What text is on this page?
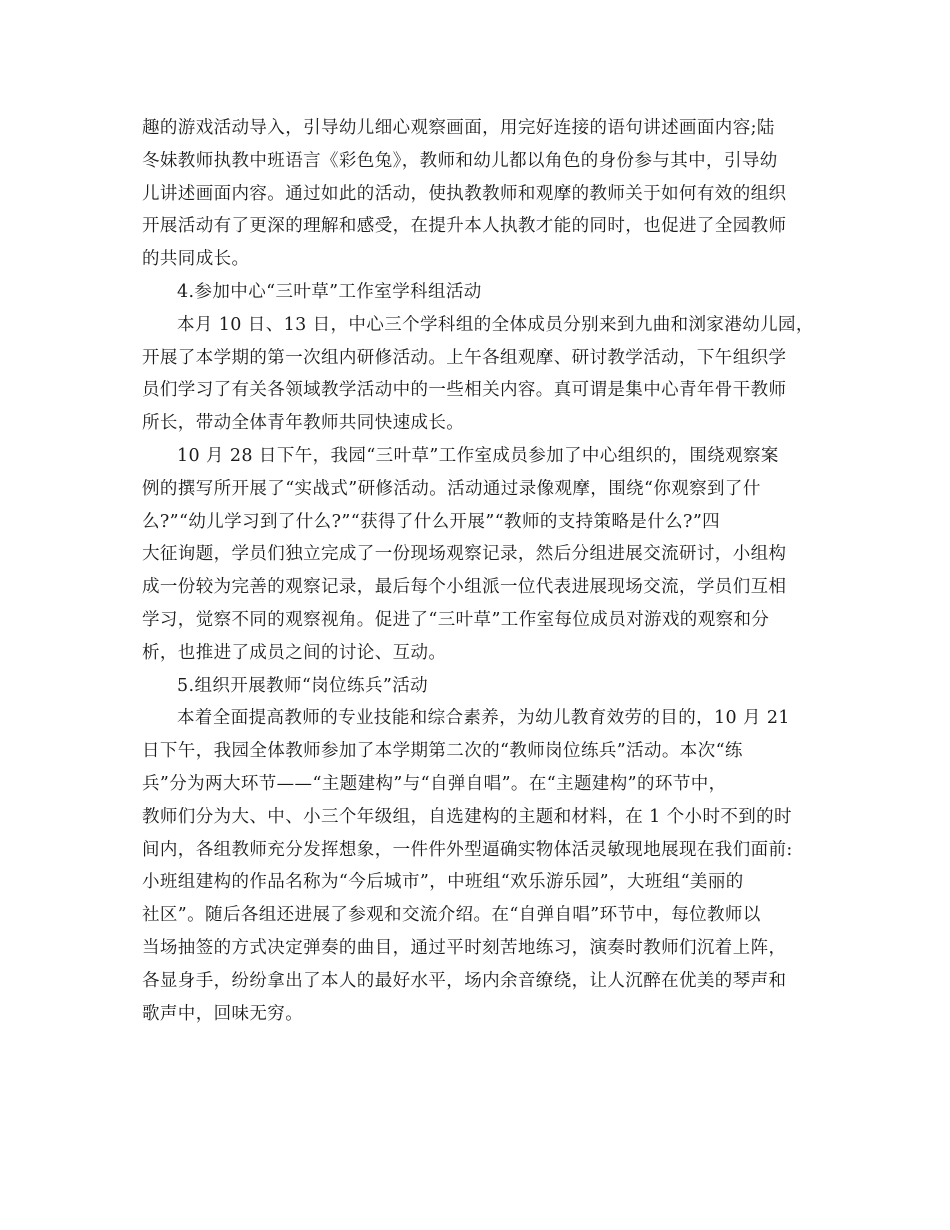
趣的游戏活动导入，引导幼儿细心观察画面，用完好连接的语句讲述画面内容;陆
冬妹教师执教中班语言《彩色兔》，教师和幼儿都以角色的身份参与其中，引导幼
儿讲述画面内容。通过如此的活动，使执教教师和观摩的教师关于如何有效的组织
开展活动有了更深的理解和感受，在提升本人执教才能的同时，也促进了全园教师
的共同成长。
4.参加中心“三叶草”工作室学科组活动
本月 10 日、13 日，中心三个学科组的全体成员分别来到九曲和浏家港幼儿园，
开展了本学期的第一次组内研修活动。上午各组观摩、研讨教学活动，下午组织学
员们学习了有关各领域教学活动中的一些相关内容。真可谓是集中心青年骨干教师
所长，带动全体青年教师共同快速成长。
10 月 28 日下午，我园“三叶草”工作室成员参加了中心组织的，围绕观察案
例的撰写所开展了“实战式”研修活动。活动通过录像观摩，围绕“你观察到了什
么?”“幼儿学习到了什么?”“获得了什么开展”“教师的支持策略是什么?”四
大征询题，学员们独立完成了一份现场观察记录，然后分组进展交流研讨，小组构
成一份较为完善的观察记录，最后每个小组派一位代表进展现场交流，学员们互相
学习，觉察不同的观察视角。促进了“三叶草”工作室每位成员对游戏的观察和分
析，也推进了成员之间的讨论、互动。
5.组织开展教师“岗位练兵”活动
本着全面提高教师的专业技能和综合素养，为幼儿教育效劳的目的，10 月 21
日下午，我园全体教师参加了本学期第二次的“教师岗位练兵”活动。本次“练
兵”分为两大环节——“主题建构”与“自弹自唱”。在“主题建构”的环节中，
教师们分为大、中、小三个年级组，自选建构的主题和材料，在 1 个小时不到的时
间内，各组教师充分发挥想象，一件件外型逼确实物体活灵敏现地展现在我们面前:
小班组建构的作品名称为“今后城市”，中班组“欢乐游乐园”，大班组“美丽的
社区”。随后各组还进展了参观和交流介绍。在“自弹自唱”环节中，每位教师以
当场抽签的方式决定弹奏的曲目，通过平时刻苦地练习，演奏时教师们沉着上阵，
各显身手，纷纷拿出了本人的最好水平，场内余音缭绕，让人沉醉在优美的琴声和
歌声中，回味无穷。
